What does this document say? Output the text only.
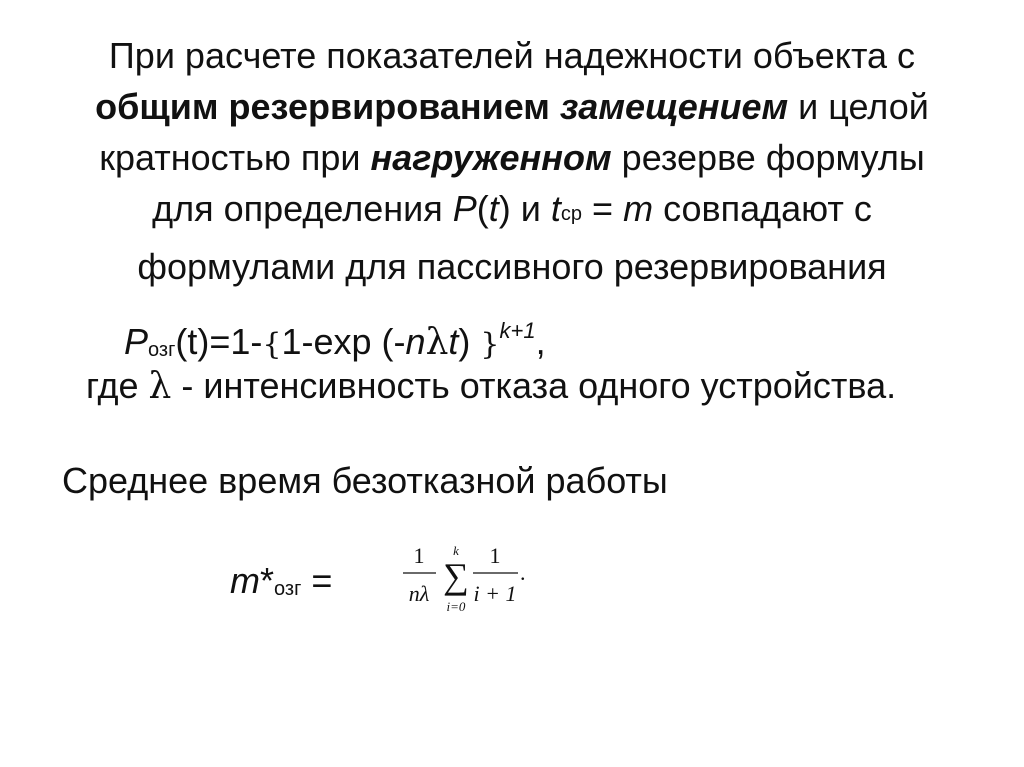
При расчете показателей надежности объекта с
общим резервированием замещением и целой
кратностью при нагруженном резерве формулы
для определения P(t) и tср = m совпадают с
формулами для пассивного резервирования
Pозг(t)=1-{1-exp (-nλt) }$^{k+1}$,
где λ - интенсивность отказа одного устройства.
Среднее время безотказной работы
m*озг =
1
nλ
k
∑
i=0
1
i + 1
.
